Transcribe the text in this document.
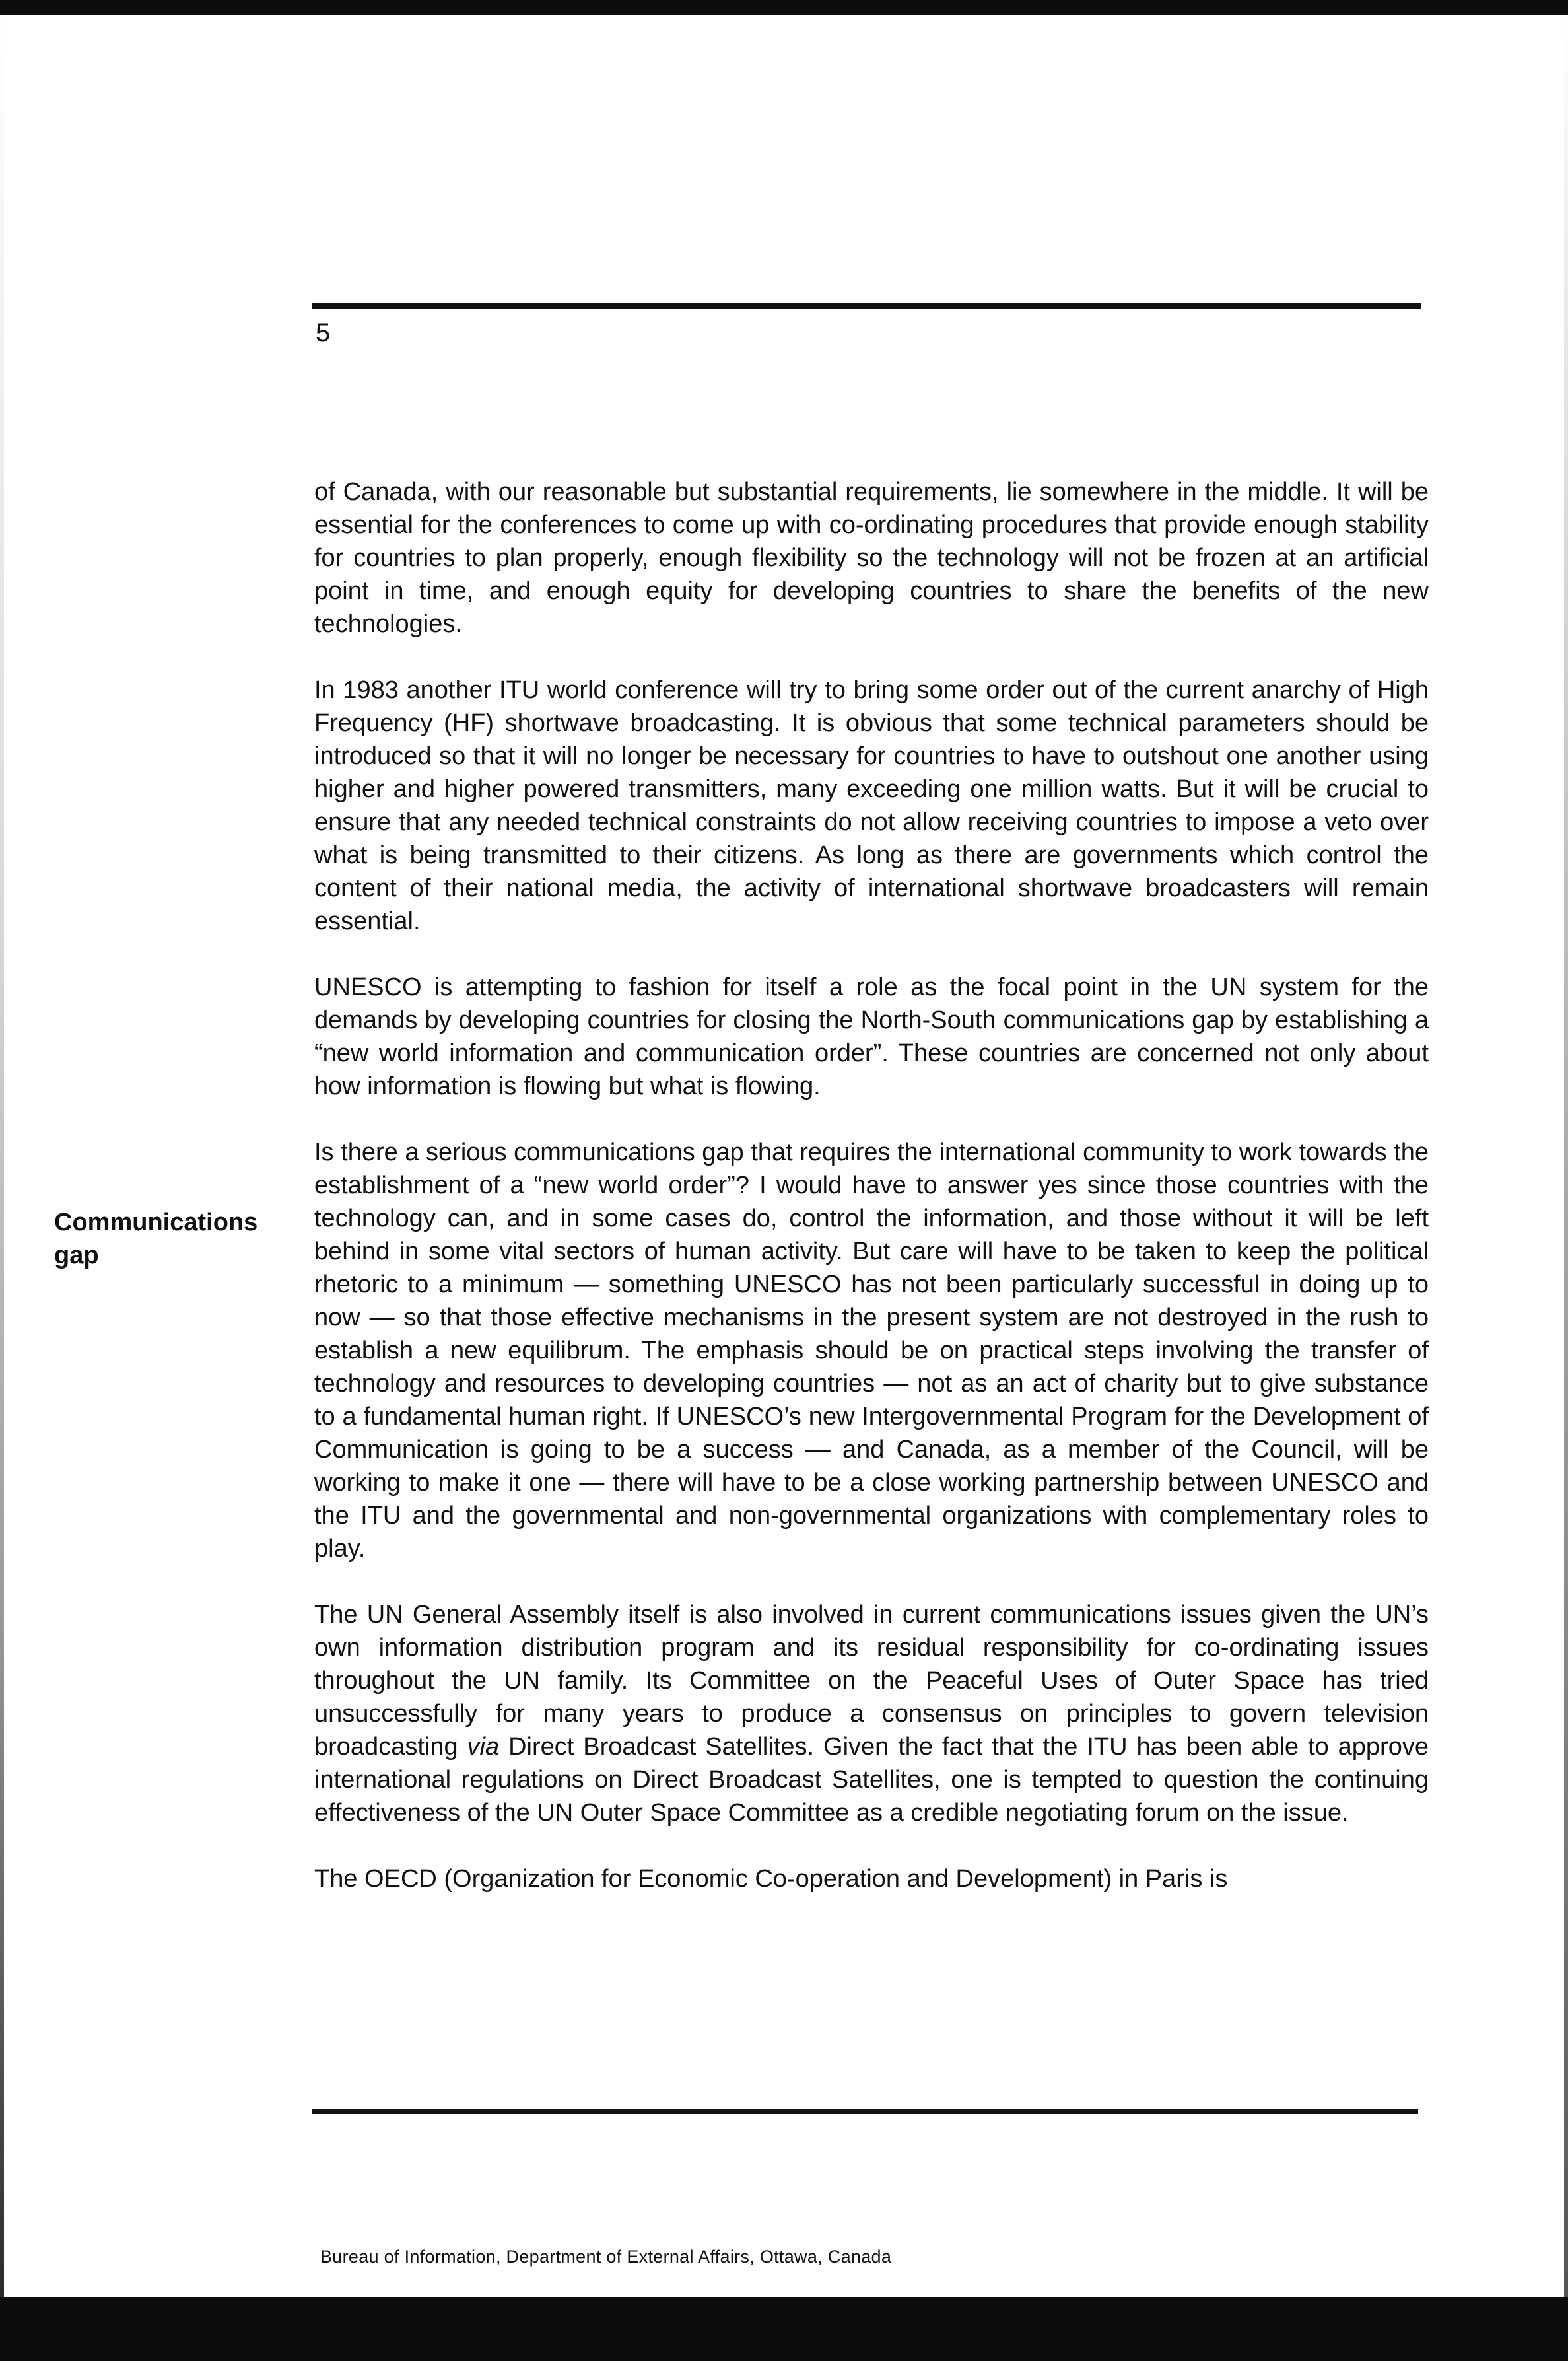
5
Communications
gap

of Canada, with our reasonable but substantial requirements, lie somewhere in the middle. It will be essential for the conferences to come up with co-ordinating procedures that provide enough stability for countries to plan properly, enough flexibility so the technology will not be frozen at an artificial point in time, and enough equity for developing countries to share the benefits of the new technologies.

In 1983 another ITU world conference will try to bring some order out of the current anarchy of High Frequency (HF) shortwave broadcasting. It is obvious that some technical parameters should be introduced so that it will no longer be necessary for countries to have to outshout one another using higher and higher powered transmitters, many exceeding one million watts. But it will be crucial to ensure that any needed technical constraints do not allow receiving countries to impose a veto over what is being transmitted to their citizens. As long as there are governments which control the content of their national media, the activity of international shortwave broadcasters will remain essential.

UNESCO is attempting to fashion for itself a role as the focal point in the UN system for the demands by developing countries for closing the North-South communications gap by establishing a “new world information and communication order”. These countries are concerned not only about how information is flowing but what is flowing.

Is there a serious communications gap that requires the international community to work towards the establishment of a “new world order”? I would have to answer yes since those countries with the technology can, and in some cases do, control the information, and those without it will be left behind in some vital sectors of human activity. But care will have to be taken to keep the political rhetoric to a minimum — something UNESCO has not been particularly successful in doing up to now — so that those effective mechanisms in the present system are not destroyed in the rush to establish a new equilibrum. The emphasis should be on practical steps involving the transfer of technology and resources to developing countries — not as an act of charity but to give substance to a fundamental human right. If UNESCO’s new Intergovernmental Program for the Development of Communication is going to be a success — and Canada, as a member of the Council, will be working to make it one — there will have to be a close working partnership between UNESCO and the ITU and the governmental and non-governmental organizations with complementary roles to play.

The UN General Assembly itself is also involved in current communications issues given the UN’s own information distribution program and its residual responsibility for co-ordinating issues throughout the UN family. Its Committee on the Peaceful Uses of Outer Space has tried unsuccessfully for many years to produce a consensus on principles to govern television broadcasting via Direct Broadcast Satellites. Given the fact that the ITU has been able to approve international regulations on Direct Broadcast Satellites, one is tempted to question the continuing effectiveness of the UN Outer Space Committee as a credible negotiating forum on the issue.

The OECD (Organization for Economic Co-operation and Development) in Paris is

Bureau of Information, Department of External Affairs, Ottawa, Canada
